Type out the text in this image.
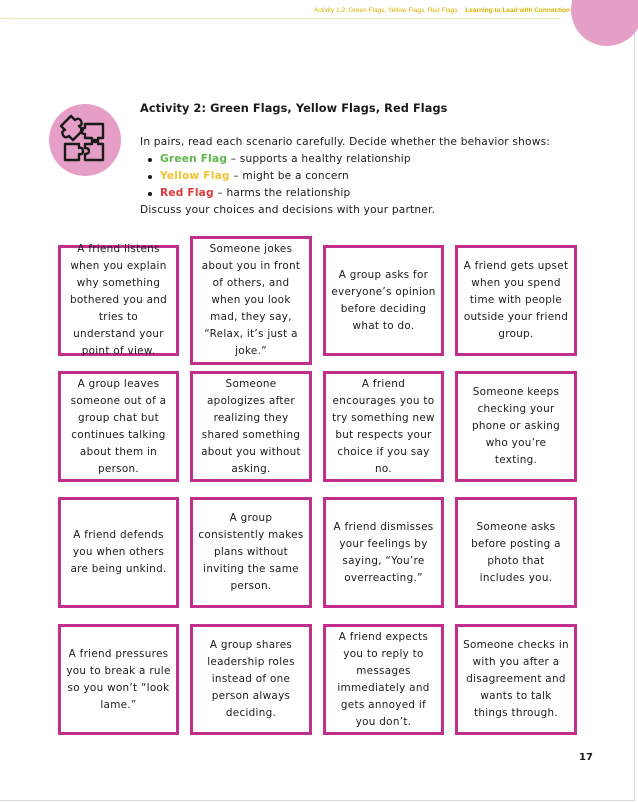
Activity 1.2: Green Flags, Yellow Flags, Red Flags Learning to Lead with Connection

Activity 2: Green Flags, Yellow Flags, Red Flags

In pairs, read each scenario carefully. Decide whether the behavior shows:

Green Flag – supports a healthy relationship
Yellow Flag – might be a concern
Red Flag – harms the relationship

Discuss your choices and decisions with your partner.

A friend listens when you explain why something bothered you and tries to understand your point of view.
Someone jokes about you in front of others, and when you look mad, they say, “Relax, it’s just a joke.”
A group asks for everyone’s opinion before deciding what to do.
A friend gets upset when you spend time with people outside your friend group.
A group leaves someone out of a group chat but continues talking about them in person.
Someone apologizes after realizing they shared something about you without asking.
A friend encourages you to try something new but respects your choice if you say no.
Someone keeps checking your phone or asking who you’re texting.
A friend defends you when others are being unkind.
A group consistently makes plans without inviting the same person.
A friend dismisses your feelings by saying, “You’re overreacting.”
Someone asks before posting a photo that includes you.
A friend pressures you to break a rule so you won’t “look lame.”
A group shares leadership roles instead of one person always deciding.
A friend expects you to reply to messages immediately and gets annoyed if you don’t.
Someone checks in with you after a disagreement and wants to talk things through.
17
